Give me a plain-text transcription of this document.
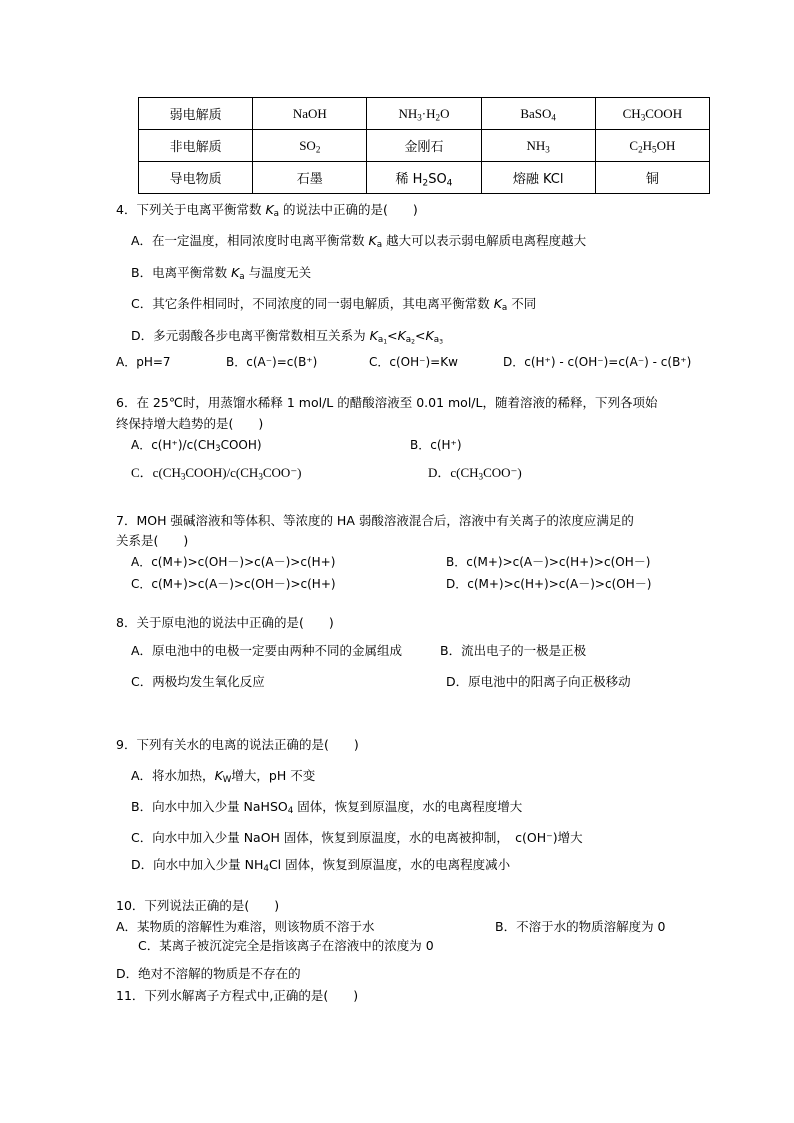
弱电解质	NaOH	$NH_3\cdot H_2O$	BaSO$_4$	$CH_3COOH$
非电解质	$SO_2$	金刚石	$NH_3$	$C_2H_5OH$
导电物质	石墨	稀 $H_2SO_4$	熔融 KCl	铜
4．下列关于电离平衡常数 $K_a$ 的说法中正确的是(　　)
A．在一定温度，相同浓度时电离平衡常数 $K_a$ 越大可以表示弱电解质电离程度越大
B．电离平衡常数 $K_a$ 与温度无关
C．其它条件相同时，不同浓度的同一弱电解质，其电离平衡常数 $K_a$ 不同
D．多元弱酸各步电离平衡常数相互关系为 $K_{a_1}<K_{a_2}<K_{a_3}$
A．pH=7	B．c(A⁻)=c(B⁺)	C．c(OH⁻)=Kw	D．c(H⁺) - c(OH⁻)=c(A⁻) - c(B⁺)
6．在 25℃时，用蒸馏水稀释 1 mol/L 的醋酸溶液至 0.01 mol/L，随着溶液的稀释，下列各项始
终保持增大趋势的是(　　)
A．$c(H^+)/c(CH_3COOH)$	B．c(H⁺)
C．$c(CH_3COOH)/c(CH_3COO^-)$	D．$c(CH_3COO^-)$
7．MOH 强碱溶液和等体积、等浓度的 HA 弱酸溶液混合后，溶液中有关离子的浓度应满足的
关系是(　　)
A．c(M+)>c(OH－)>c(A－)>c(H+)	B．c(M+)>c(A－)>c(H+)>c(OH－)
C．c(M+)>c(A－)>c(OH－)>c(H+)	D．c(M+)>c(H+)>c(A－)>c(OH－)
8．关于原电池的说法中正确的是(　　)
A．原电池中的电极一定要由两种不同的金属组成	B．流出电子的一极是正极
C．两极均发生氧化反应	D．原电池中的阳离子向正极移动
9．下列有关水的电离的说法正确的是(　　)
A．将水加热，$K_W$增大，pH 不变
B．向水中加入少量 NaHSO$_4$ 固体，恢复到原温度，水的电离程度增大
C．向水中加入少量 NaOH 固体，恢复到原温度，水的电离被抑制，　c(OH⁻)增大
D．向水中加入少量 $NH_4Cl$ 固体，恢复到原温度，水的电离程度减小
10．下列说法正确的是(　　)
A．某物质的溶解性为难溶，则该物质不溶于水	B．不溶于水的物质溶解度为 0
C．某离子被沉淀完全是指该离子在溶液中的浓度为 0
D．绝对不溶解的物质是不存在的
11．下列水解离子方程式中,正确的是(　　)
